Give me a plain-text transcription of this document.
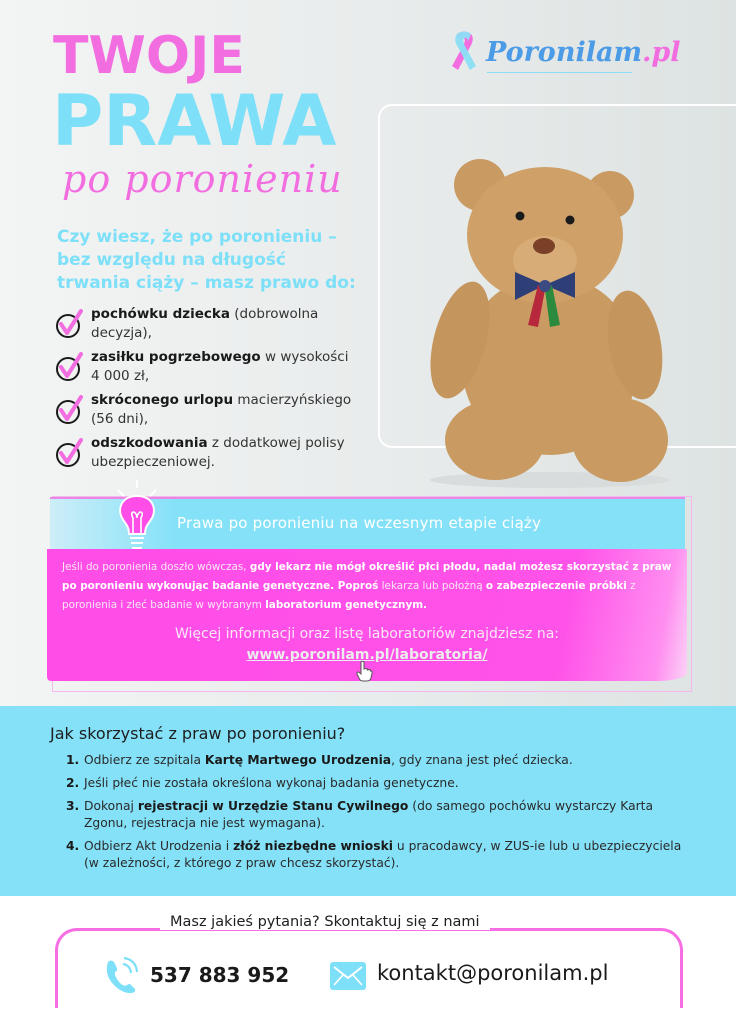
TWOJE
PRAWA
po poronieniu
Poronilam.pl
Czy wiesz, że po poronieniu – bez względu na długość trwania ciąży – masz prawo do:
pochówku dziecka (dobrowolna decyzja),
zasiłku pogrzebowego w wysokości 4 000 zł,
skróconego urlopu macierzyńskiego (56 dni),
odszkodowania z dodatkowej polisy ubezpieczeniowej.
Prawa po poronieniu na wczesnym etapie ciąży
Jeśli do poronienia doszło wówczas, gdy lekarz nie mógł określić płci płodu, nadal możesz skorzystać z praw po poronieniu wykonując badanie genetyczne. Poproś lekarza lub położną o zabezpieczenie próbki z poronienia i zleć badanie w wybranym laboratorium genetycznym.
Więcej informacji oraz listę laboratoriów znajdziesz na:
www.poronilam.pl/laboratoria/
Jak skorzystać z praw po poronieniu?
1. Odbierz ze szpitala Kartę Martwego Urodzenia, gdy znana jest płeć dziecka.
2. Jeśli płeć nie została określona wykonaj badania genetyczne.
3. Dokonaj rejestracji w Urzędzie Stanu Cywilnego (do samego pochówku wystarczy Karta Zgonu, rejestracja nie jest wymagana).
4. Odbierz Akt Urodzenia i złóż niezbędne wnioski u pracodawcy, w ZUS-ie lub u ubezpieczyciela (w zależności, z którego z praw chcesz skorzystać).
Masz jakieś pytania? Skontaktuj się z nami
537 883 952	kontakt@poronilam.pl
